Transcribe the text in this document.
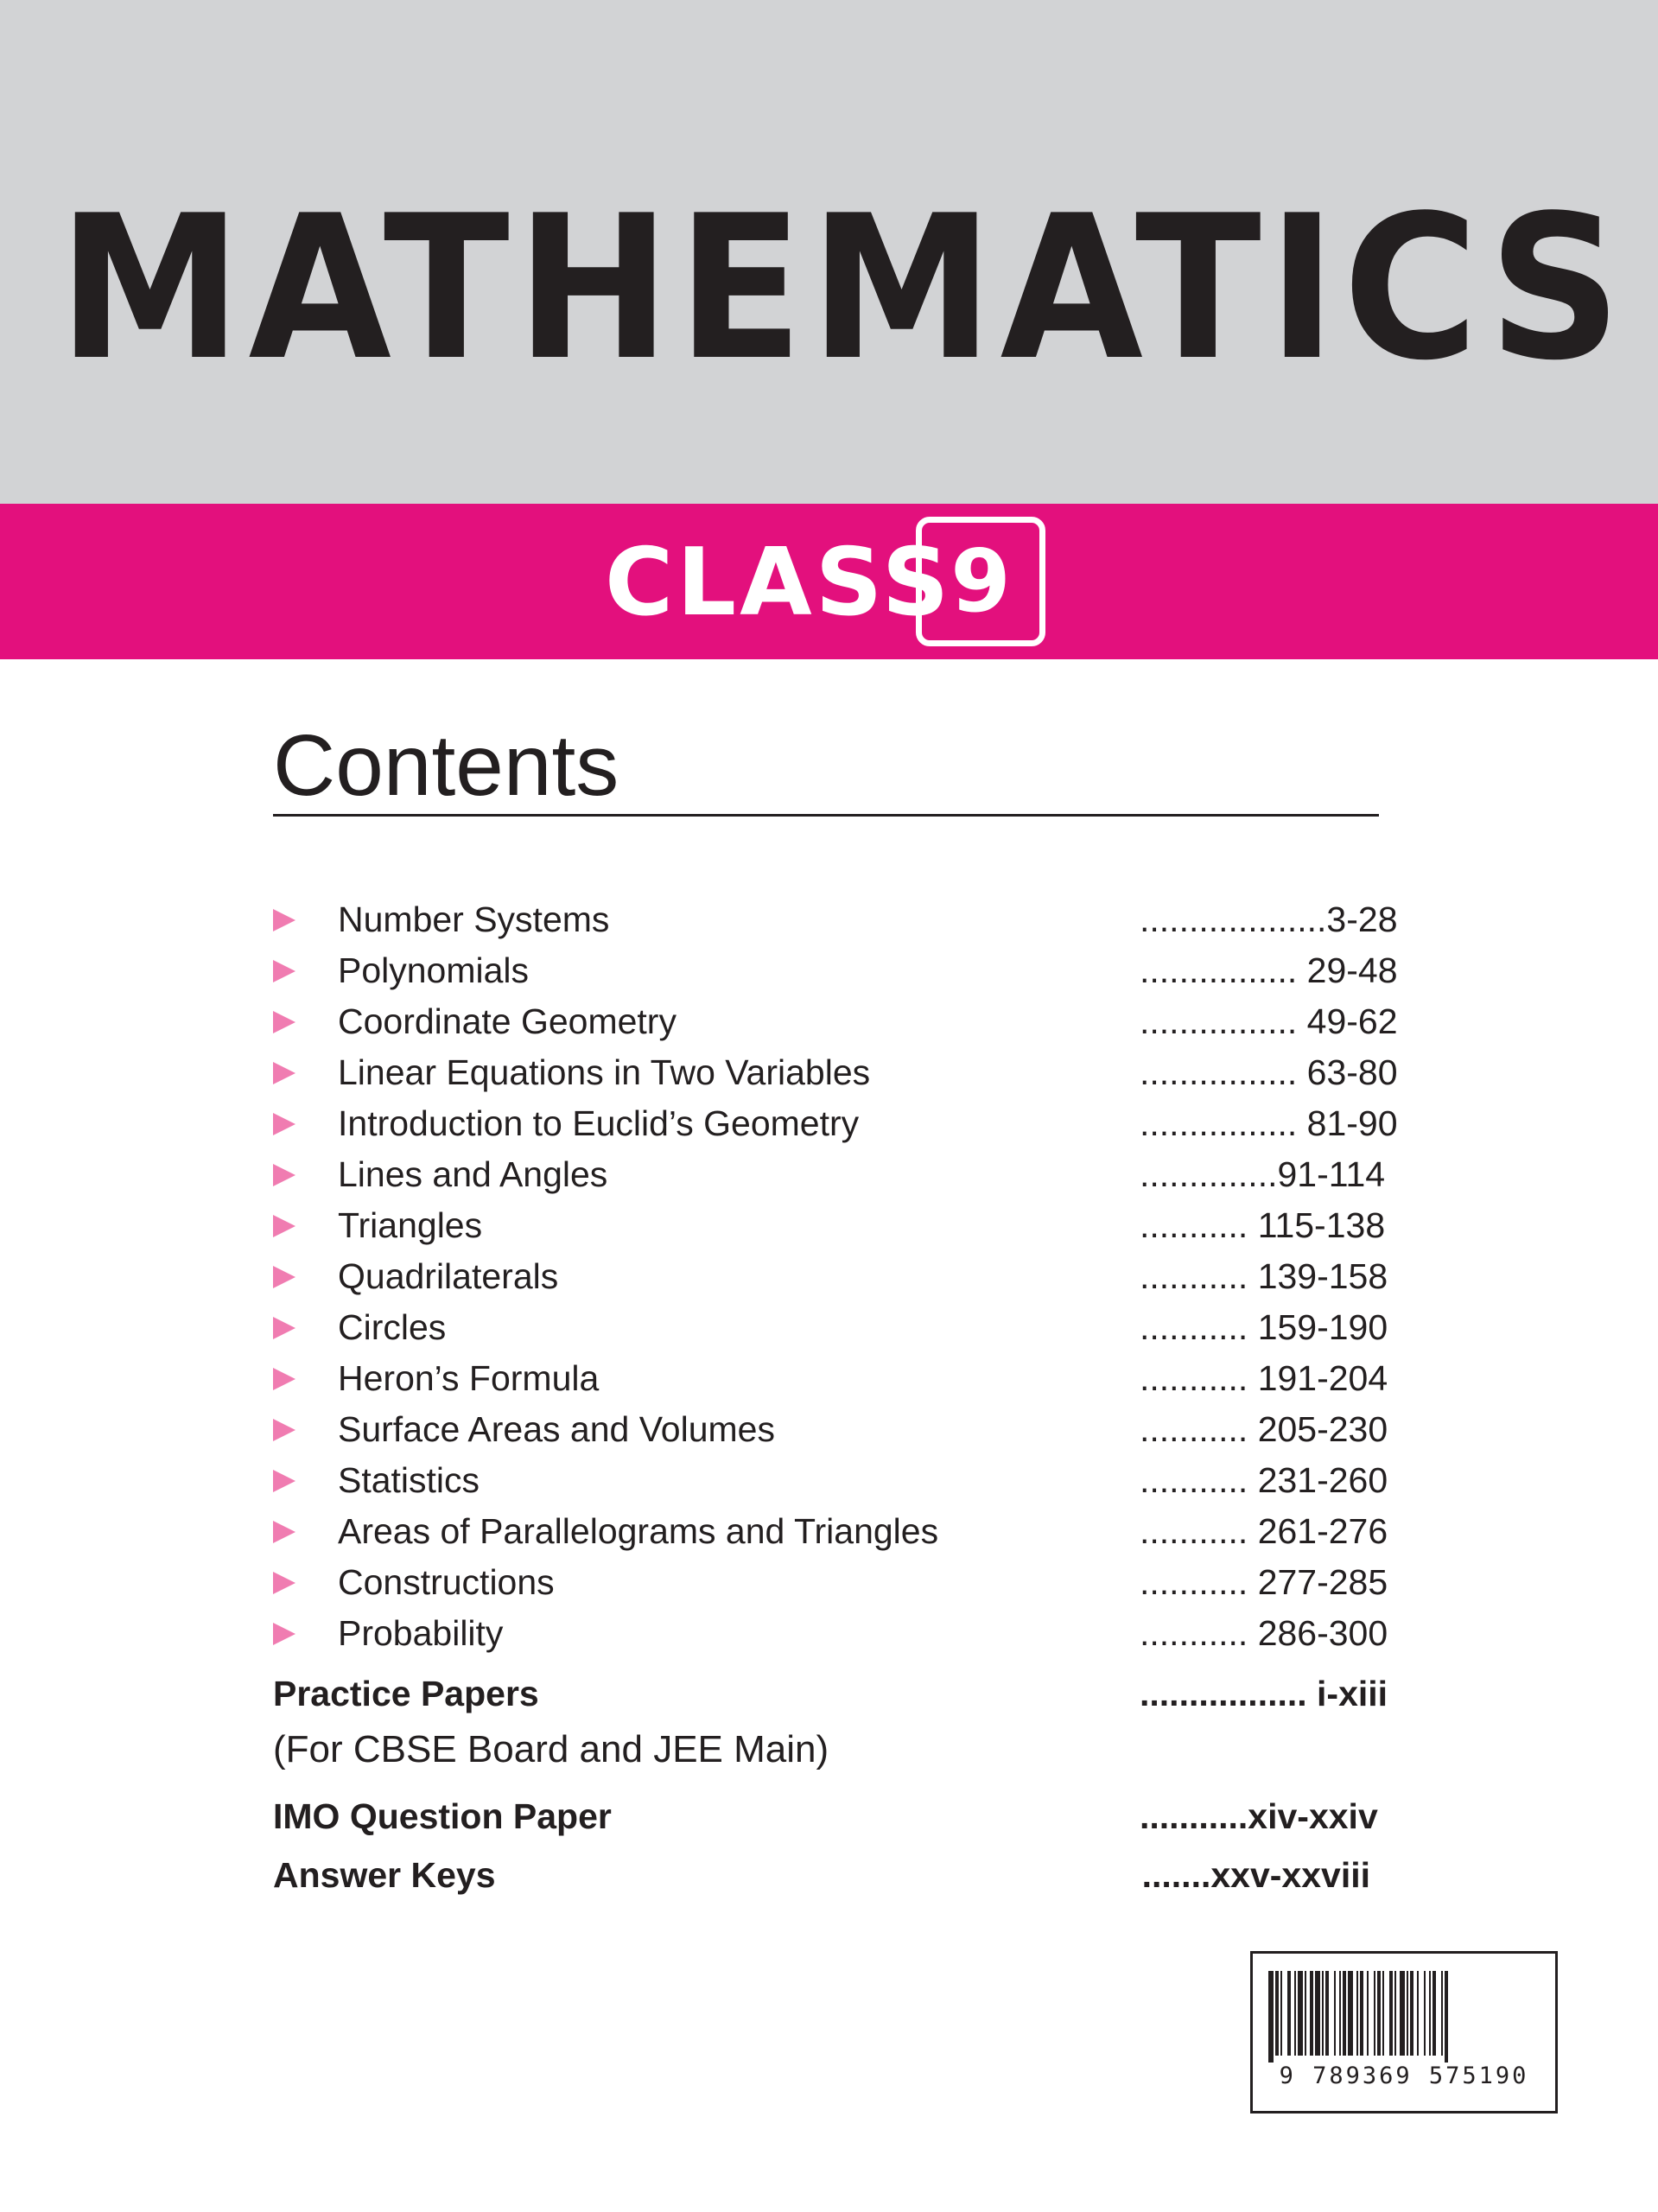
MATHEMATICS
CLASS
9
Contents
Number Systems	...................3-28
Polynomials	................ 29-48
Coordinate Geometry	................ 49-62
Linear Equations in Two Variables	................ 63-80
Introduction to Euclid’s Geometry	................ 81-90
Lines and Angles	..............91-114
Triangles	........... 115-138
Quadrilaterals	........... 139-158
Circles	........... 159-190
Heron’s Formula	........... 191-204
Surface Areas and Volumes	........... 205-230
Statistics	........... 231-260
Areas of Parallelograms and Triangles	........... 261-276
Constructions	........... 277-285
Probability	........... 286-300
Practice Papers	................. i-xiii
(For CBSE Board and JEE Main)
IMO Question Paper	...........xiv-xxiv
Answer Keys	.......xxv-xxviii
9 789369 575190
